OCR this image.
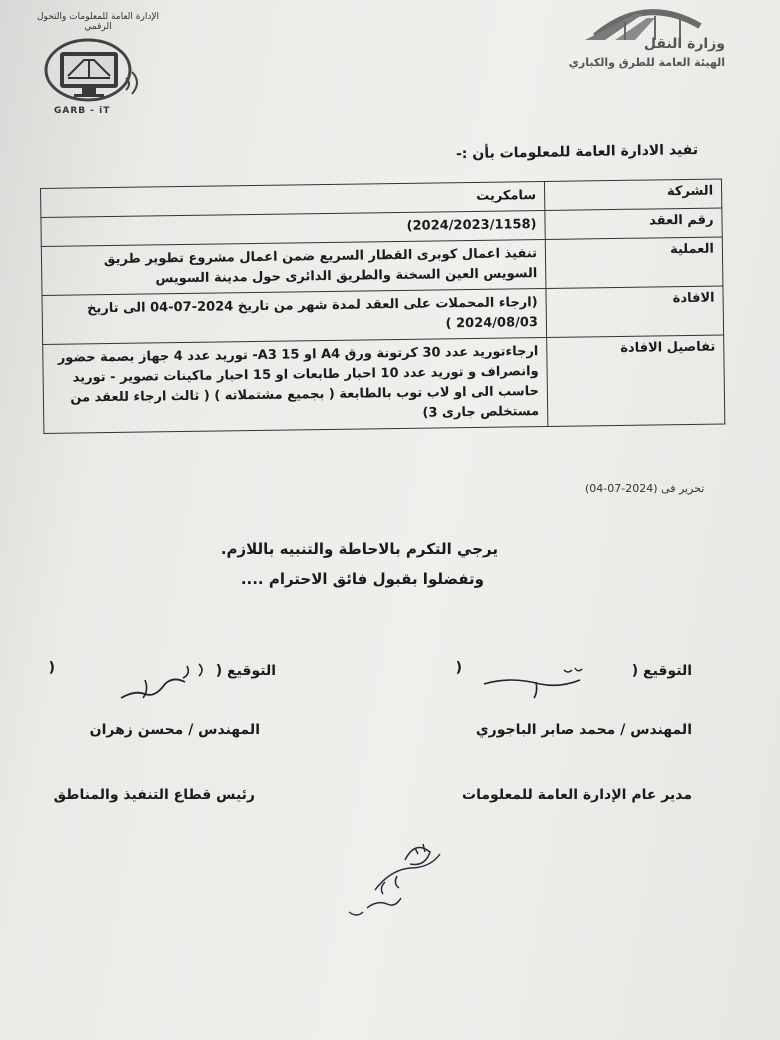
الإدارة العامة للمعلومات والتحول الرقمي
GARB - iT
وزارة النقل
الهيئة العامة للطرق والكباري
تفيد الادارة العامة للمعلومات بأن :-
الشركة	سامكريت
رقم العقد	(2024/2023/1158)
العملية	تنفيذ اعمال كوبرى القطار السريع ضمن اعمال مشروع تطوير طريق السويس العين السخنة والطريق الدائرى حول مدينة السويس
الافادة	(ارجاء المحملات على العقد لمدة شهر من تاريخ 2024-07-04 الى تاريخ 2024/08/03 )
تفاصيل الافادة	ارجاءتوريد عدد 30 كرتونة ورق A4 او A3 15- توريد عدد 4 جهاز بصمة حضور وانصراف و توريد عدد 10 احبار طابعات او 15 احبار ماكينات تصوير - توريد حاسب الى او لاب توب بالطابعة ( بجميع مشتملاته ) ( ثالث ارجاء للعقد من مستخلص جارى 3)
تحرير فى (2024-07-04)
يرجي التكرم بالاحاطة والتنبيه باللازم.
وتفضلوا بقبول فائق الاحترام ....
التوقيع (
)
المهندس / محمد صابر الباجوري
مدير عام الإدارة العامة للمعلومات
التوقيع (
)
المهندس / محسن زهران
رئيس قطاع التنفيذ والمناطق
